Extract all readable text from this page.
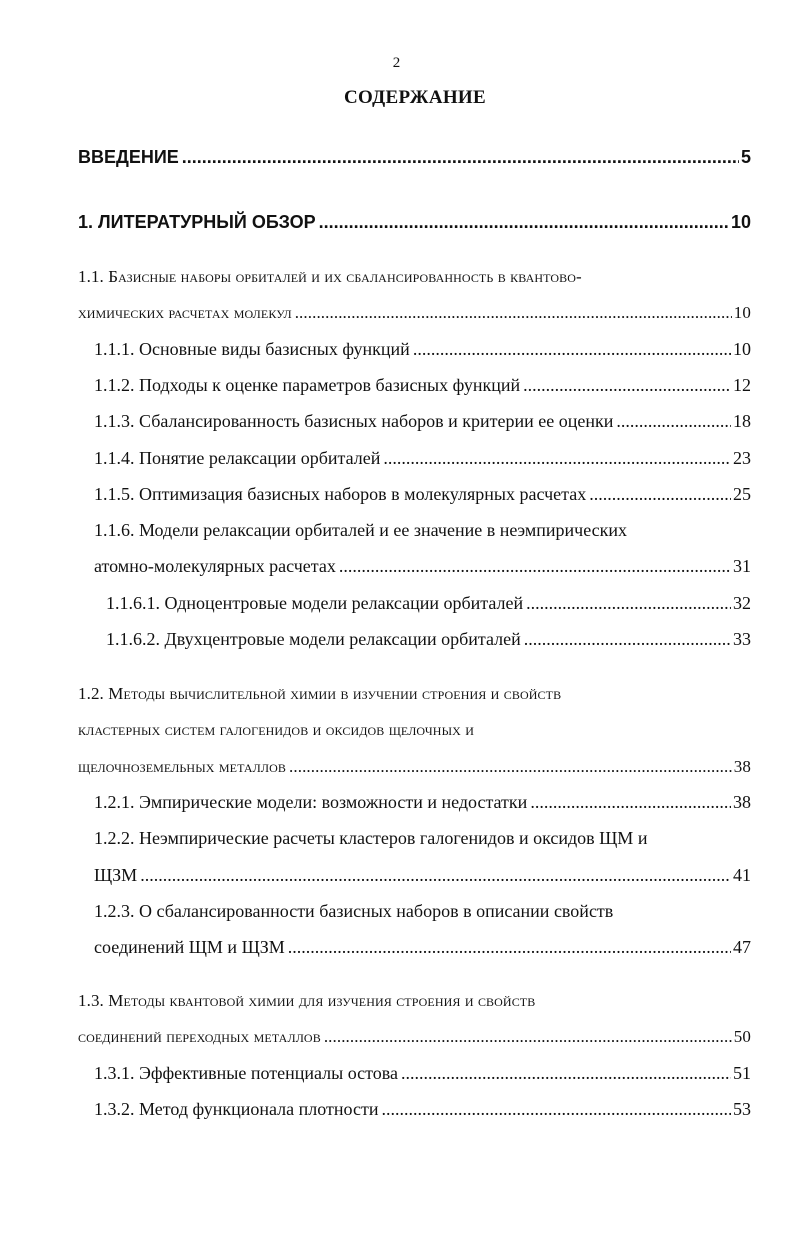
2
СОДЕРЖАНИЕ
ВВЕДЕНИЕ .....	5
1. ЛИТЕРАТУРНЫЙ ОБЗОР .....	10
1.1. Базисные наборы орбиталей и их сбалансированность в квантово-
химических расчетах молекул .....	10
1.1.1. Основные виды базисных функций .....	10
1.1.2. Подходы к оценке параметров базисных функций .....	12
1.1.3. Сбалансированность базисных наборов и критерии ее оценки .....	18
1.1.4. Понятие релаксации орбиталей .....	23
1.1.5. Оптимизация базисных наборов в молекулярных расчетах .....	25
1.1.6. Модели релаксации орбиталей и ее значение в неэмпирических
атомно-молекулярных расчетах .....	31
1.1.6.1. Одноцентровые модели релаксации орбиталей .....	32
1.1.6.2. Двухцентровые модели релаксации орбиталей .....	33
1.2. Методы вычислительной химии в изучении строения и свойств
кластерных систем галогенидов и оксидов щелочных и
щелочноземельных металлов .....	38
1.2.1. Эмпирические модели: возможности и недостатки .....	38
1.2.2. Неэмпирические расчеты кластеров галогенидов и оксидов ЩМ и
ЩЗМ .....	41
1.2.3. О сбалансированности базисных наборов в описании свойств
соединений ЩМ и ЩЗМ .....	47
1.3. Методы квантовой химии для изучения строения и свойств
соединений переходных металлов .....	50
1.3.1. Эффективные потенциалы остова .....	51
1.3.2. Метод функционала плотности .....	53
